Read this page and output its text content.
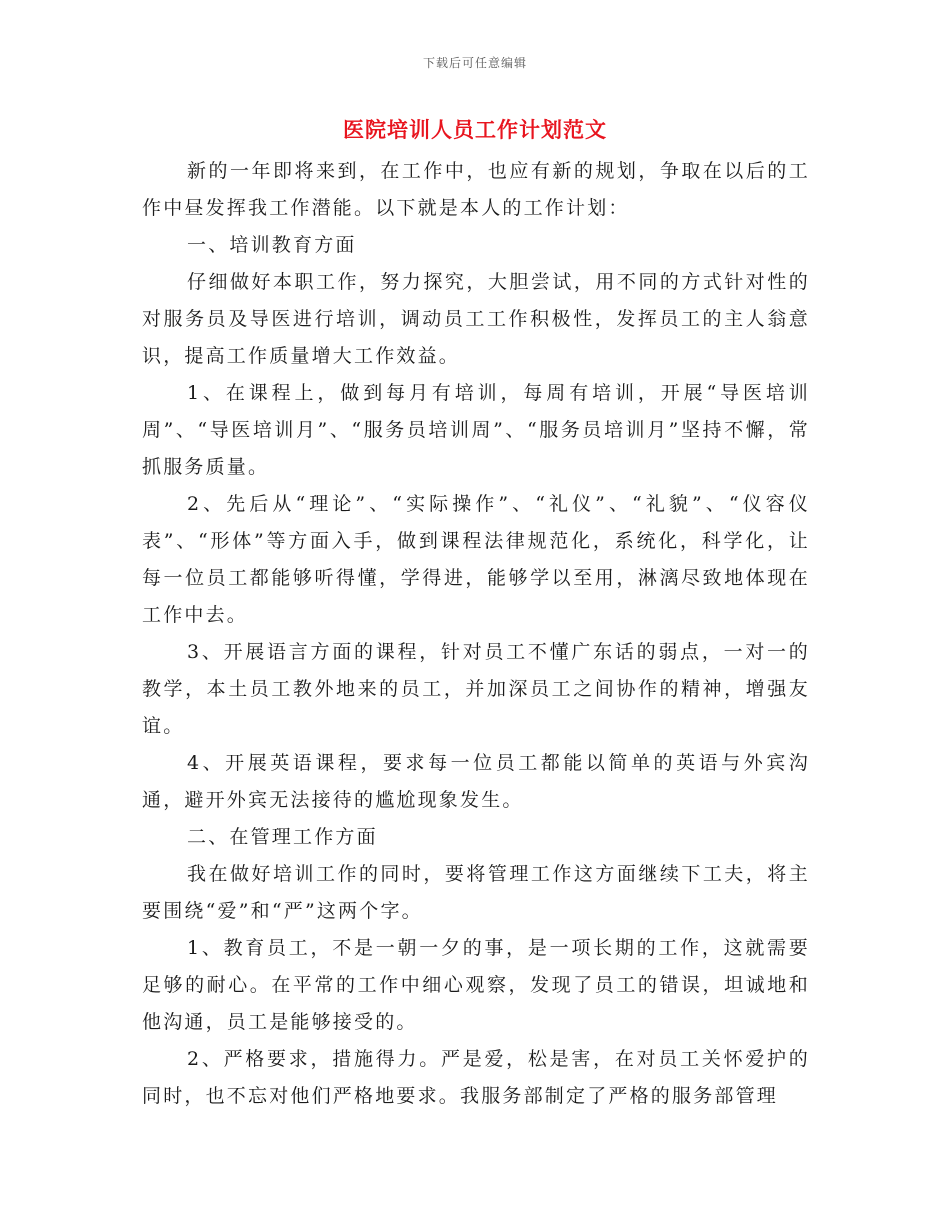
下载后可任意编辑
医院培训人员工作计划范文

新的一年即将来到，在工作中，也应有新的规划，争取在以后的工作中昼发挥我工作潜能。以下就是本人的工作计划：

一、培训教育方面

仔细做好本职工作，努力探究，大胆尝试，用不同的方式针对性的对服务员及导医进行培训，调动员工工作积极性，发挥员工的主人翁意识，提高工作质量增大工作效益。

1、在课程上，做到每月有培训，每周有培训，开展“导医培训周”、“导医培训月”、“服务员培训周”、“服务员培训月”坚持不懈，常抓服务质量。

2、先后从“理论”、“实际操作”、“礼仪”、“礼貌”、“仪容仪表”、“形体”等方面入手，做到课程法律规范化，系统化，科学化，让每一位员工都能够听得懂，学得进，能够学以至用，淋漓尽致地体现在工作中去。

3、开展语言方面的课程，针对员工不懂广东话的弱点，一对一的教学，本土员工教外地来的员工，并加深员工之间协作的精神，增强友谊。

4、开展英语课程，要求每一位员工都能以简单的英语与外宾沟通，避开外宾无法接待的尴尬现象发生。

二、在管理工作方面

我在做好培训工作的同时，要将管理工作这方面继续下工夫，将主要围绕“爱”和“严”这两个字。

1、教育员工，不是一朝一夕的事，是一项长期的工作，这就需要足够的耐心。在平常的工作中细心观察，发现了员工的错误，坦诚地和他沟通，员工是能够接受的。

2、严格要求，措施得力。严是爱，松是害，在对员工关怀爱护的同时，也不忘对他们严格地要求。我服务部制定了严格的服务部管理
